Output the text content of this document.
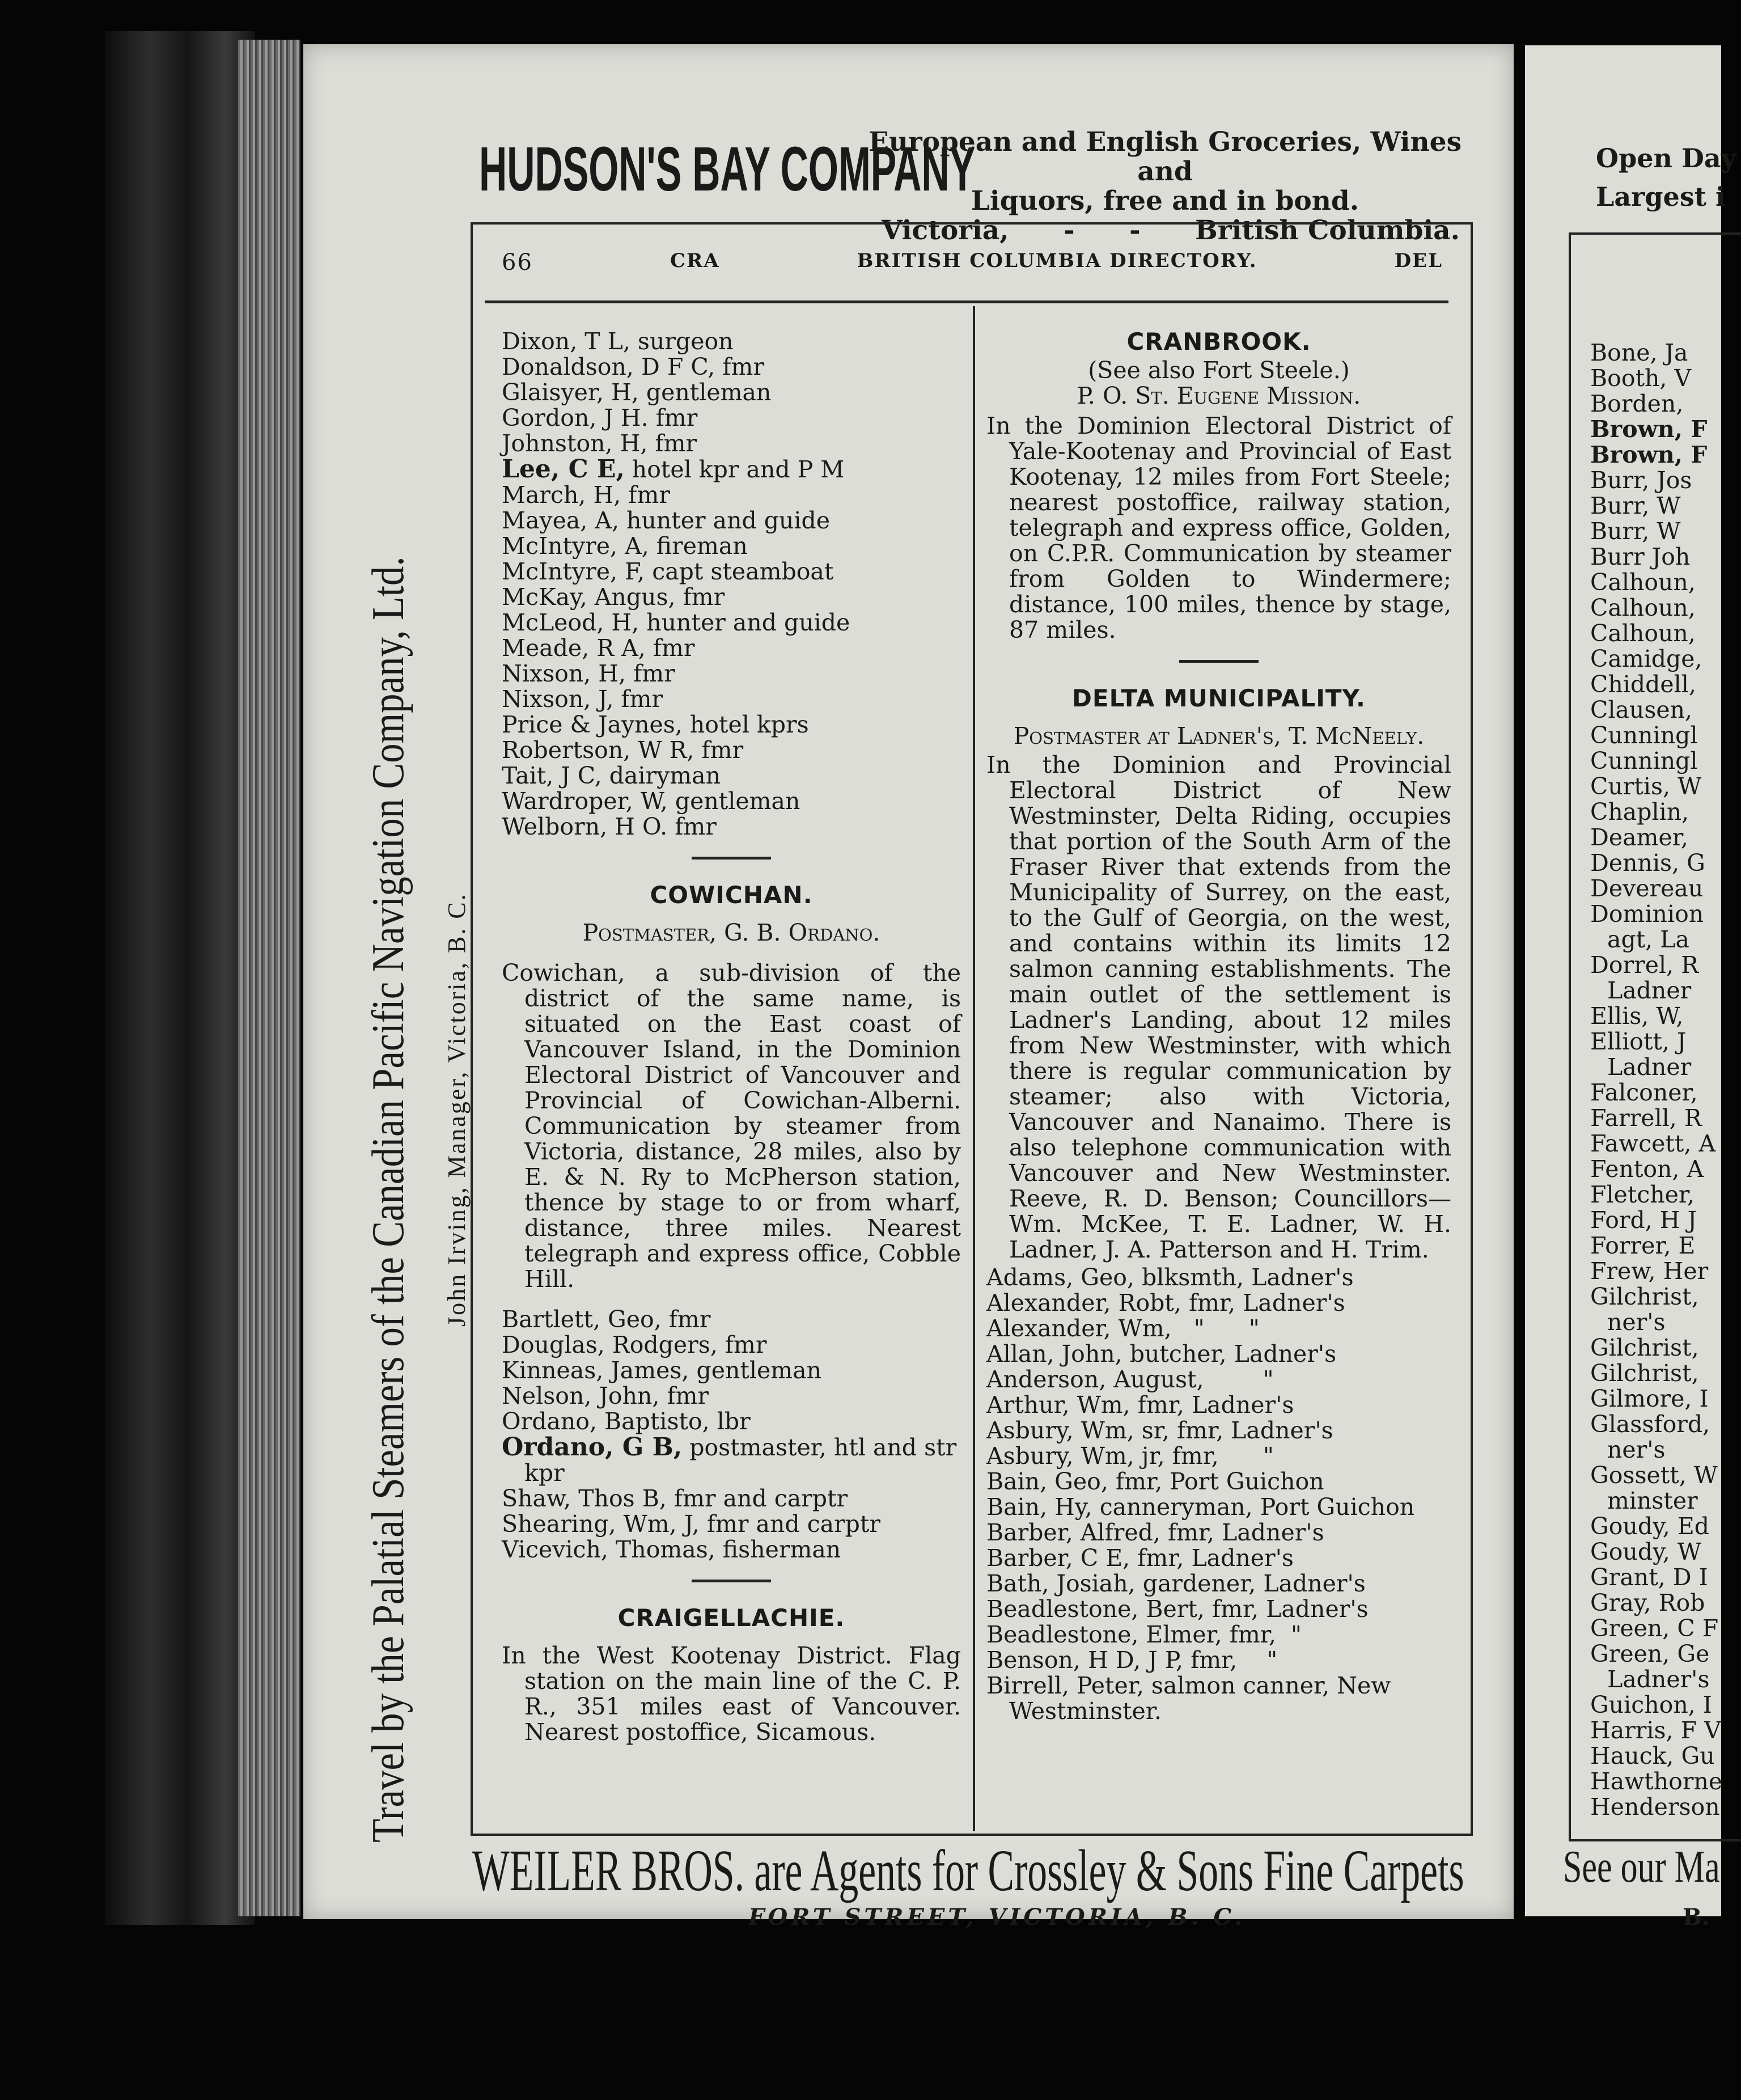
Travel by the Palatial Steamers of the Canadian Pacific Navigation Company, Ltd. John Irving, Manager, Victoria, B. C.
HUDSON'S BAY COMPANY
European and English Groceries, Wines and
Liquors, free and in bond.
Victoria, - - British Columbia.
66	CRA	BRITISH COLUMBIA DIRECTORY.	DEL
Dixon, T L, surgeon
Donaldson, D F C, fmr
Glaisyer, H, gentleman
Gordon, J H. fmr
Johnston, H, fmr
Lee, C E, hotel kpr and P M
March, H, fmr
Mayea, A, hunter and guide
McIntyre, A, fireman
McIntyre, F, capt steamboat
McKay, Angus, fmr
McLeod, H, hunter and guide
Meade, R A, fmr
Nixson, H, fmr
Nixson, J, fmr
Price & Jaynes, hotel kprs
Robertson, W R, fmr
Tait, J C, dairyman
Wardroper, W, gentleman
Welborn, H O. fmr
COWICHAN.
Postmaster, G. B. Ordano.
Cowichan, a sub-division of the district of the same name, is situated on the East coast of Vancouver Island, in the Dominion Electoral District of Vancouver and Provincial of Cowichan-Alberni. Communication by steamer from Victoria, distance, 28 miles, also by E. & N. Ry to McPherson station, thence by stage to or from wharf, distance, three miles. Nearest telegraph and express office, Cobble Hill.
Bartlett, Geo, fmr
Douglas, Rodgers, fmr
Kinneas, James, gentleman
Nelson, John, fmr
Ordano, Baptisto, lbr
Ordano, G B, postmaster, htl and str kpr
Shaw, Thos B, fmr and carptr
Shearing, Wm, J, fmr and carptr
Vicevich, Thomas, fisherman
CRAIGELLACHIE.
In the West Kootenay District. Flag station on the main line of the C. P. R., 351 miles east of Vancouver. Nearest postoffice, Sicamous.
CRANBROOK.
(See also Fort Steele.)
P. O. St. Eugene Mission.
In the Dominion Electoral District of Yale-Kootenay and Provincial of East Kootenay, 12 miles from Fort Steele; nearest postoffice, railway station, telegraph and express office, Golden, on C.P.R. Communication by steamer from Golden to Windermere; distance, 100 miles, thence by stage, 87 miles.
DELTA MUNICIPALITY.
Postmaster at Ladner's, T. McNeely.
In the Dominion and Provincial Electoral District of New Westminster, Delta Riding, occupies that portion of the South Arm of the Fraser River that extends from the Municipality of Surrey, on the east, to the Gulf of Georgia, on the west, and contains within its limits 12 salmon canning establishments. The main outlet of the settlement is Ladner's Landing, about 12 miles from New Westminster, with which there is regular communication by steamer; also with Victoria, Vancouver and Nanaimo. There is also telephone communication with Vancouver and New Westminster. Reeve, R. D. Benson; Councillors—Wm. McKee, T. E. Ladner, W. H. Ladner, J. A. Patterson and H. Trim.
Adams, Geo, blksmth, Ladner's
Alexander, Robt, fmr, Ladner's
Alexander, Wm,   "      "
Allan, John, butcher, Ladner's
Anderson, August,        "
Arthur, Wm, fmr, Ladner's
Asbury, Wm, sr, fmr, Ladner's
Asbury, Wm, jr, fmr,      "
Bain, Geo, fmr, Port Guichon
Bain, Hy, canneryman, Port Guichon
Barber, Alfred, fmr, Ladner's
Barber, C E, fmr, Ladner's
Bath, Josiah, gardener, Ladner's
Beadlestone, Bert, fmr, Ladner's
Beadlestone, Elmer, fmr,  "
Benson, H D, J P, fmr,    "
Birrell, Peter, salmon canner, New Westminster.
WEILER BROS. are Agents for Crossley & Sons Fine Carpets
FORT STREET, VICTORIA, B. C.
Open Day
Largest i
Bone, Ja
Booth, V
Borden,
Brown, F
Brown, F
Burr, Jos
Burr, W
Burr, W
Burr Joh
Calhoun,
Calhoun,
Calhoun,
Camidge,
Chiddell,
Clausen,
Cunningl
Cunningl
Curtis, W
Chaplin,
Deamer,
Dennis, G
Devereau
Dominion
agt, La
Dorrel, R
Ladner
Ellis, W,
Elliott, J
Ladner
Falconer,
Farrell, R
Fawcett, A
Fenton, A
Fletcher,
Ford, H J
Forrer, E
Frew, Her
Gilchrist,
ner's
Gilchrist,
Gilchrist,
Gilmore, I
Glassford,
ner's
Gossett, W
minster
Goudy, Ed
Goudy, W
Grant, D I
Gray, Rob
Green, C F
Green, Ge
Ladner's
Guichon, I
Harris, F V
Hauck, Gu
Hawthorne
Henderson
See our Ma
B.
